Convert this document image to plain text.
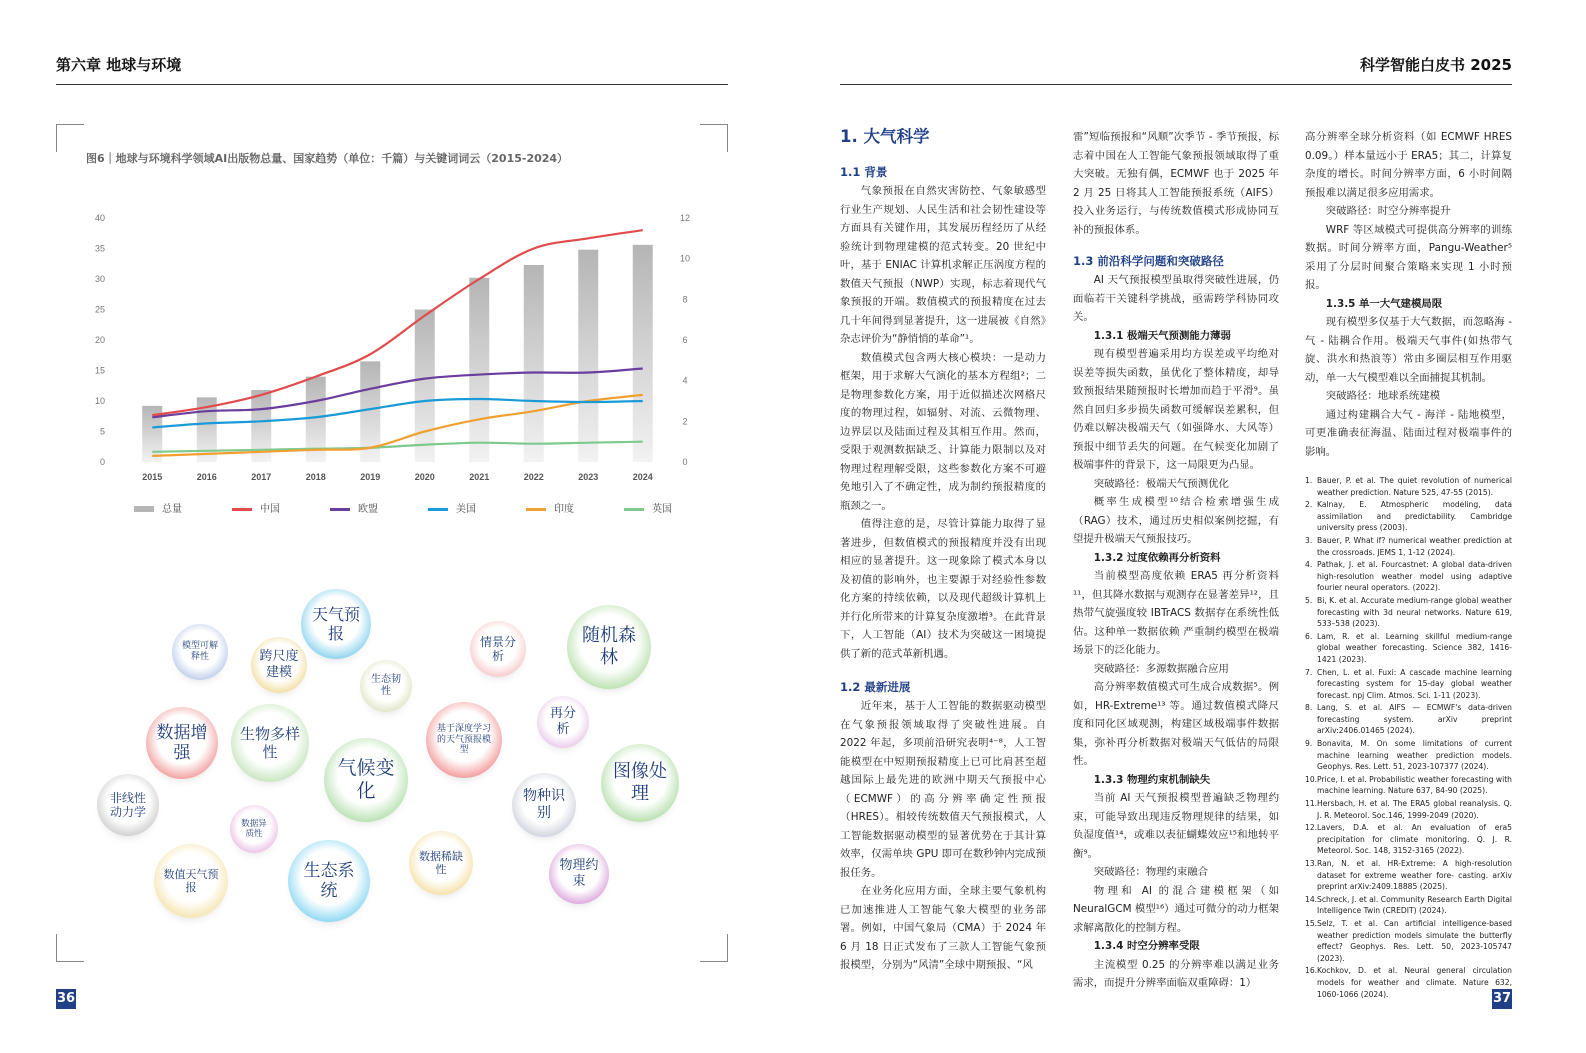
第六章 地球与环境	科学智能白皮书 2025
图6｜地球与环境科学领域AI出版物总量、国家趋势（单位：千篇）与关键词词云（2015-2024）
0
5
10
15
20
25
30
35
40
0
2
4
6
8
10
12
2015	2016	2017	2018	2019	2020	2021	2022	2023	2024
总量	中国	欧盟	美国	印度	英国
天气预报
模型可解释性	跨尺度建模	生态韧性
情景分析
随机森林
数据增强
生物多样性
基于深度学习的天气预报模型
再分析
气候变化
图像处理
非线性动力学
数据异质性
物种识别
数值天气预报
生态系统
数据稀缺性	物理约束
1. 大气科学
1.1 背景

气象预报在自然灾害防控、气象敏感型行业生产规划、人民生活和社会韧性建设等方面具有关键作用，其发展历程经历了从经验统计到物理建模的范式转变。20 世纪中叶，基于 ENIAC 计算机求解正压涡度方程的数值天气预报（NWP）实现，标志着现代气象预报的开端。数值模式的预报精度在过去几十年间得到显著提升，这一进展被《自然》杂志评价为“静悄悄的革命”¹。

数值模式包含两大核心模块：一是动力框架，用于求解大气演化的基本方程组²；二是物理参数化方案，用于近似描述次网格尺度的物理过程，如辐射、对流、云微物理、边界层以及陆面过程及其相互作用。然而，受限于观测数据缺乏、计算能力限制以及对物理过程理解受限，这些参数化方案不可避免地引入了不确定性，成为制约预报精度的瓶颈之一。

值得注意的是，尽管计算能力取得了显著进步，但数值模式的预报精度并没有出现相应的显著提升。这一现象除了模式本身以及初值的影响外，也主要源于对经验性参数化方案的持续依赖，以及现代超级计算机上并行化所带来的计算复杂度激增³。在此背景下，人工智能（AI）技术为突破这一困境提供了新的范式革新机遇。

1.2 最新进展

近年来，基于人工智能的数据驱动模型在气象预报领域取得了突破性进展。自 2022 年起，多项前沿研究表明⁴⁻⁸，人工智能模型在中短期预报精度上已可比肩甚至超越国际上最先进的欧洲中期天气预报中心（ECMWF）的高分辨率确定性预报（HRES）。相较传统数值天气预报模式，人工智能数据驱动模型的显著优势在于其计算效率，仅需单块 GPU 即可在数秒钟内完成预报任务。

在业务化应用方面，全球主要气象机构已加速推进人工智能气象大模型的业务部署。例如，中国气象局（CMA）于 2024 年 6 月 18 日正式发布了三款人工智能气象预报模型，分别为“风清”全球中期预报、“风

雷”短临预报和“风顺”次季节 - 季节预报，标志着中国在人工智能气象预报领域取得了重大突破。无独有偶，ECMWF 也于 2025 年 2 月 25 日将其人工智能预报系统（AIFS）投入业务运行，与传统数值模式形成协同互补的预报体系。

1.3 前沿科学问题和突破路径

AI 天气预报模型虽取得突破性进展，仍面临若干关键科学挑战，亟需跨学科协同攻关。

1.3.1 极端天气预测能力薄弱

现有模型普遍采用均方误差或平均绝对误差等损失函数，虽优化了整体精度，却导致预报结果随预报时长增加而趋于平滑⁹。虽然自回归多步损失函数可缓解误差累积，但仍难以解决极端天气（如强降水、大风等）预报中细节丢失的问题。在气候变化加剧了极端事件的背景下，这一局限更为凸显。

突破路径：极端天气预测优化

概率生成模型¹⁰结合检索增强生成（RAG）技术，通过历史相似案例挖掘，有望提升极端天气预报技巧。

1.3.2 过度依赖再分析资料

当前模型高度依赖 ERA5 再分析资料¹¹，但其降水数据与观测存在显著差异¹²，且热带气旋强度较 IBTrACS 数据存在系统性低估。这种单一数据依赖 严重制约模型在极端场景下的泛化能力。

突破路径：多源数据融合应用

高分辨率数值模式可生成合成数据⁵。例如，HR-Extreme¹³ 等。通过数值模式降尺度和同化区域观测，构建区域极端事件数据集，弥补再分析数据对极端天气低估的局限性。

1.3.3 物理约束机制缺失

当前 AI 天气预报模型普遍缺乏物理约束，可能导致出现违反物理规律的结果，如负湿度值¹⁴，或难以表征蝴蝶效应¹⁵和地转平衡⁹。

突破路径：物理约束融合

物理和 AI 的混合建模框架（如 NeuralGCM 模型¹⁶）通过可微分的动力框架求解离散化的控制方程。

1.3.4 时空分辨率受限

主流模型 0.25 的分辨率难以满足业务需求，而提升分辨率面临双重障碍：1）

高分辨率全球分析资料（如 ECMWF HRES 0.09。）样本量远小于 ERA5；其二，计算复杂度的增长。时间分辨率方面，6 小时间隔预报难以满足很多应用需求。

突破路径：时空分辨率提升

WRF 等区域模式可提供高分辨率的训练数据。时间分辨率方面，Pangu-Weather⁵ 采用了分层时间聚合策略来实现 1 小时预报。

1.3.5 单一大气建模局限

现有模型多仅基于大气数据，而忽略海 - 气 - 陆耦合作用。极端天气事件(如热带气旋、洪水和热浪等）常由多圈层相互作用驱动，单一大气模型难以全面捕捉其机制。

突破路径：地球系统建模

通过构建耦合大气 - 海洋 - 陆地模型，可更准确表征海温、陆面过程对极端事件的影响。

1. Bauer, P. et al. The quiet revolution of numerical weather prediction. Nature 525, 47-55 (2015).
2. Kalnay, E. Atmospheric modeling, data assimilation and predictability. Cambridge university press (2003).
3. Bauer, P. What if? numerical weather prediction at the crossroads. JEMS 1, 1-12 (2024).
4. Pathak, J. et al. Fourcastnet: A global data-driven high-resolution weather model using adaptive fourier neural operators. (2022).
5. Bi, K. et al. Accurate medium-range global weather forecasting with 3d neural networks. Nature 619, 533–538 (2023).
6. Lam, R. et al. Learning skillful medium-range global weather forecasting. Science 382, 1416-1421 (2023).
7. Chen, L. et al. Fuxi: A cascade machine learning forecasting system for 15-day global weather forecast. npj Clim. Atmos. Sci. 1-11 (2023).
8. Lang, S. et al. AIFS — ECMWF's data-driven forecasting system. arXiv preprint arXiv:2406.01465 (2024).
9. Bonavita, M. On some limitations of current machine learning weather prediction models. Geophys. Res. Lett. 51, 2023-107377 (2024).
10. Price, I. et al. Probabilistic weather forecasting with machine learning. Nature 637, 84-90 (2025).
11. Hersbach, H. et al. The ERA5 global reanalysis. Q. J. R. Meteorol. Soc.146, 1999-2049 (2020).
12. Lavers, D.A. et al. An evaluation of era5 precipitation for climate monitoring. Q. J. R. Meteorol. Soc. 148, 3152-3165 (2022).
13. Ran, N. et al. HR-Extreme: A high-resolution dataset for extreme weather fore- casting. arXiv preprint arXiv:2409.18885 (2025).
14. Schreck, J. et al. Community Research Earth Digital Intelligence Twin (CREDIT) (2024).
15. Selz, T. et al. Can artificial intelligence-based weather prediction models simulate the butterfly effect? Geophys. Res. Lett. 50, 2023-105747 (2023).
16. Kochkov, D. et al. Neural general circulation models for weather and climate. Nature 632, 1060-1066 (2024).
36	37
